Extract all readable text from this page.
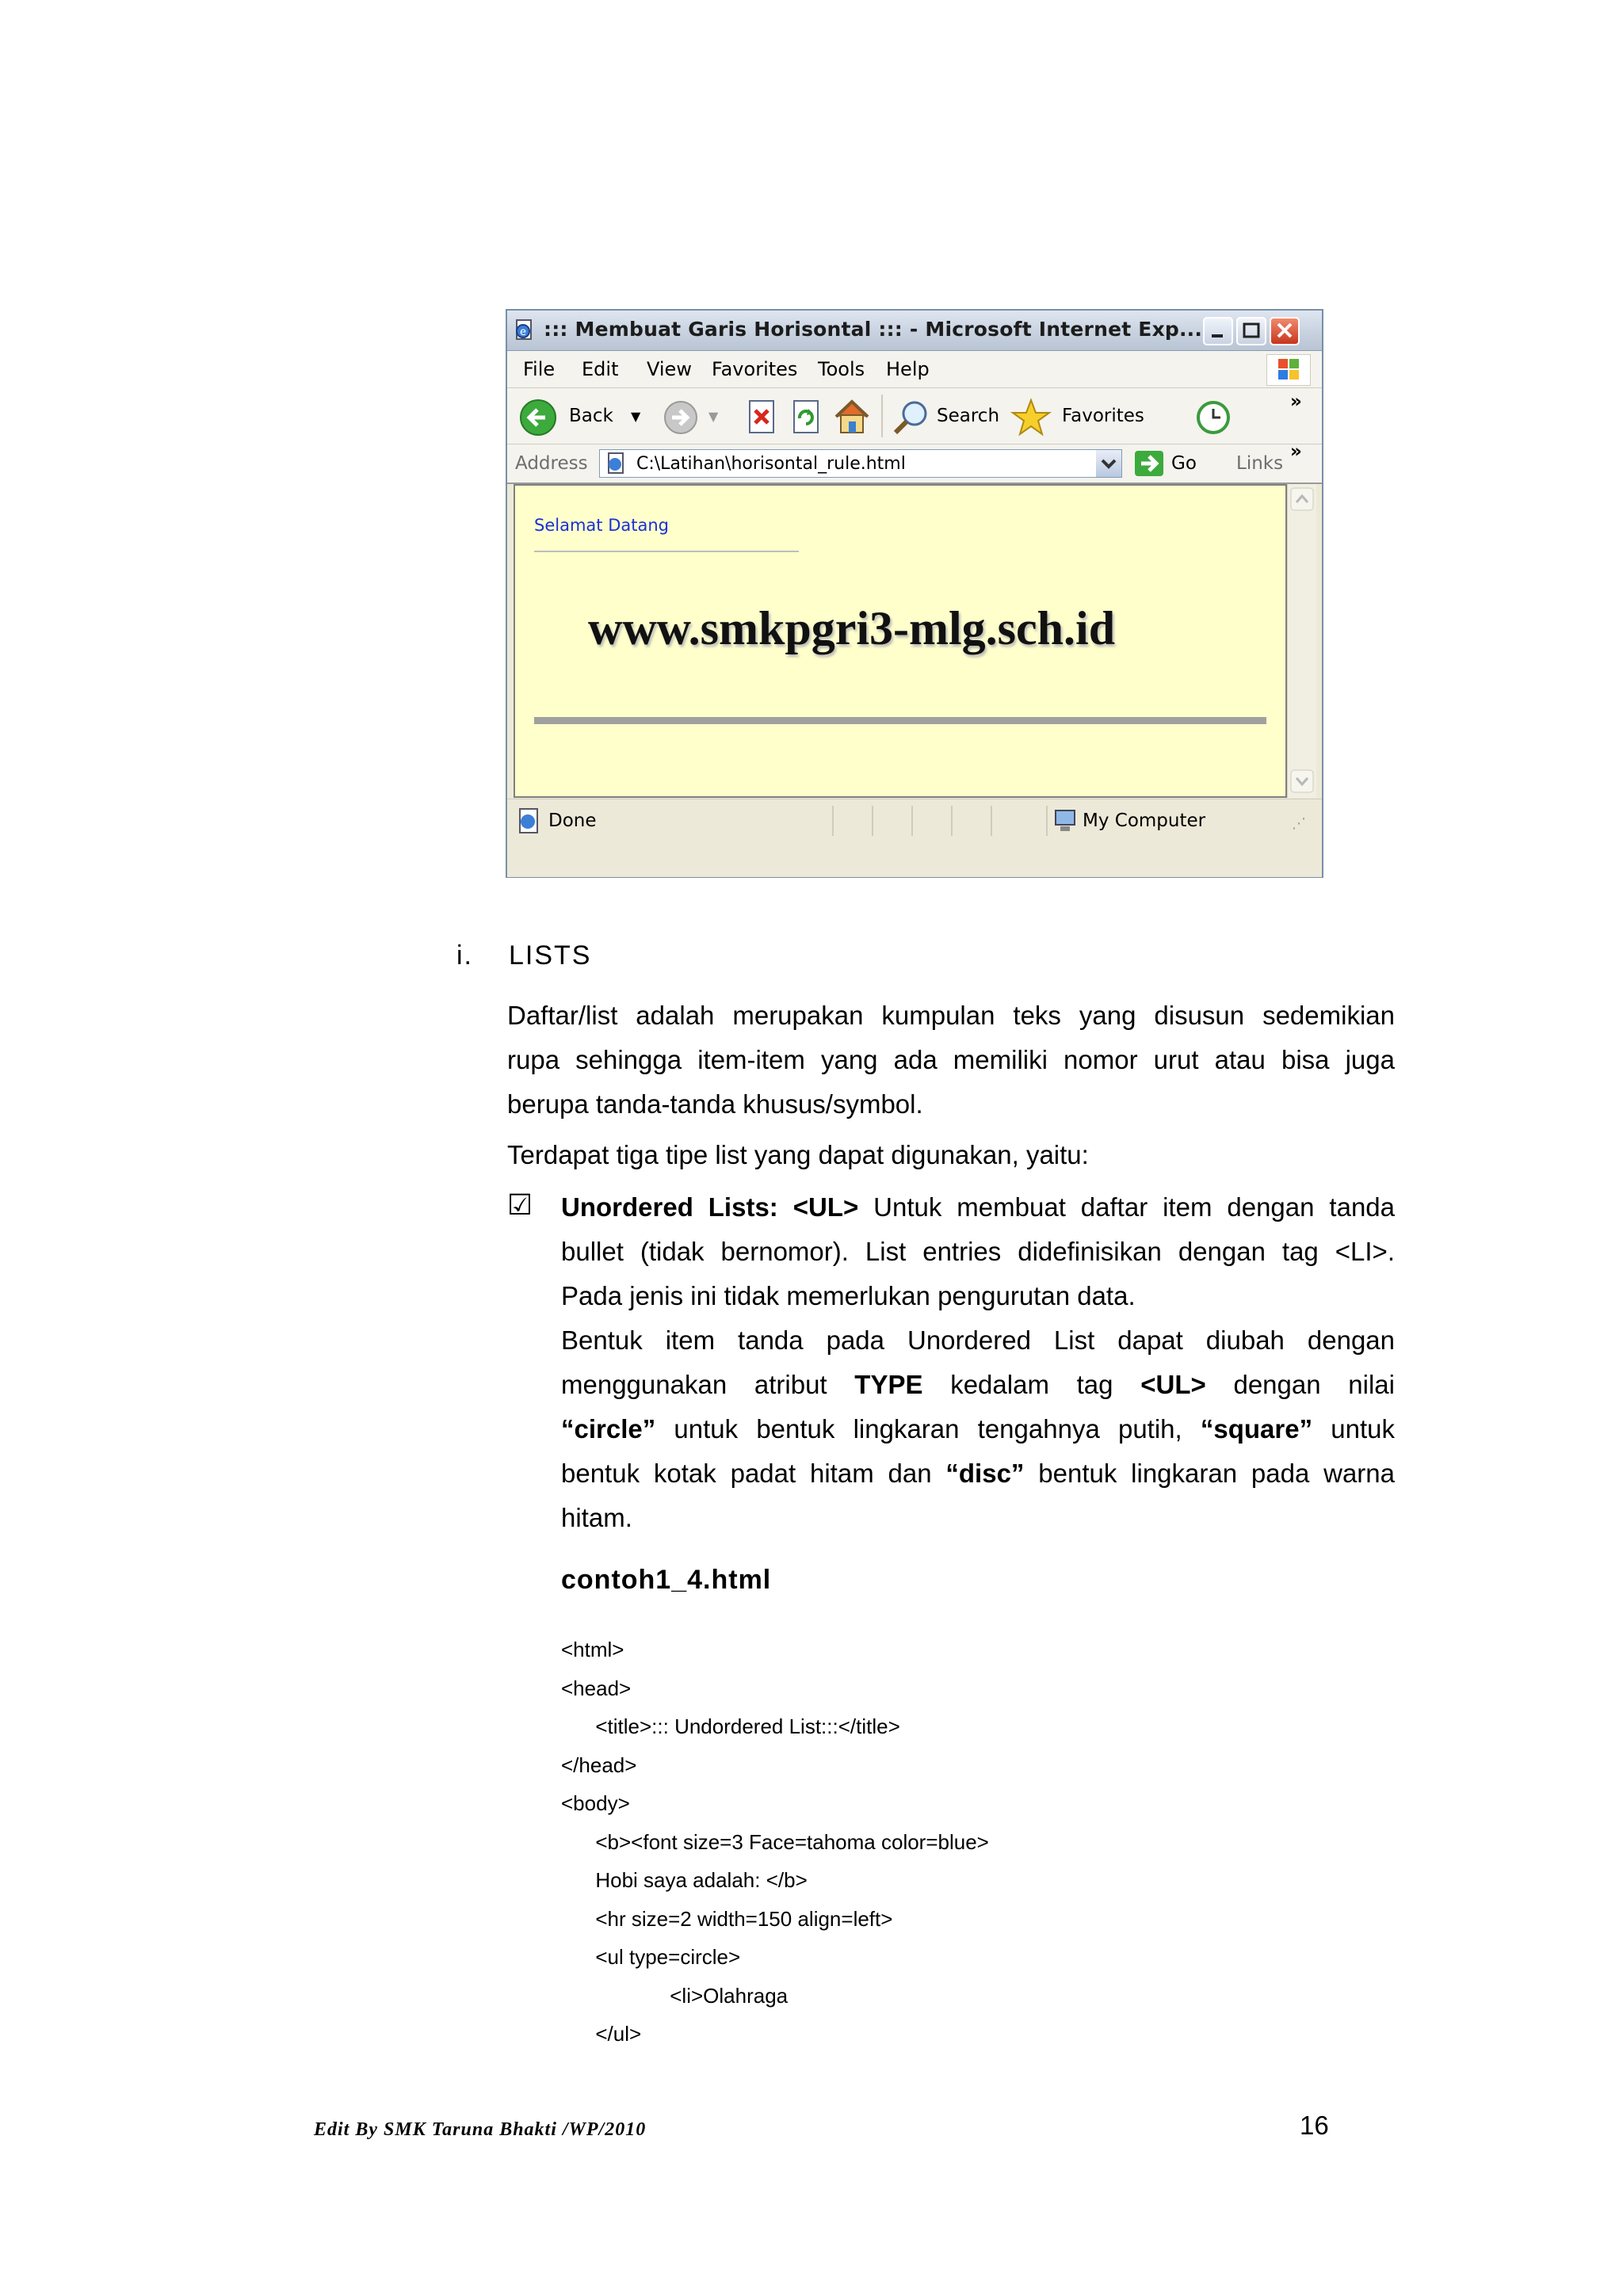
e ::: Membuat Garis Horisontal ::: - Microsoft Internet Exp...
File Edit View Favorites Tools Help
Back ▼	▼	Search	Favorites
»
Address	C:\Latihan\horisontal_rule.html	Go Links
»
Selamat Datang
www.smkpgri3-mlg.sch.id
Done	My Computer	⋰
i. LISTS
Daftar/list adalah merupakan kumpulan teks yang disusun sedemikian
rupa sehingga item-item yang ada memiliki nomor urut atau bisa juga
berupa tanda-tanda khusus/symbol.
Terdapat tiga tipe list yang dapat digunakan, yaitu:
☑ Unordered Lists: <UL> Untuk membuat daftar item dengan tanda
bullet (tidak bernomor). List entries didefinisikan dengan tag <LI>.
Pada jenis ini tidak memerlukan pengurutan data.
Bentuk item tanda pada Unordered List dapat diubah dengan
menggunakan atribut TYPE kedalam tag <UL> dengan nilai
“circle” untuk bentuk lingkaran tengahnya putih, “square” untuk
bentuk kotak padat hitam dan “disc” bentuk lingkaran pada warna
hitam.
contoh1_4.html
<html>
<head>
<title>::: Undordered List:::</title>
</head>
<body>
<b><font size=3 Face=tahoma color=blue>
Hobi saya adalah: </b>
<hr size=2 width=150 align=left>
<ul type=circle>
<li>Olahraga
</ul>
Edit By SMK Taruna Bhakti /WP/2010	16
